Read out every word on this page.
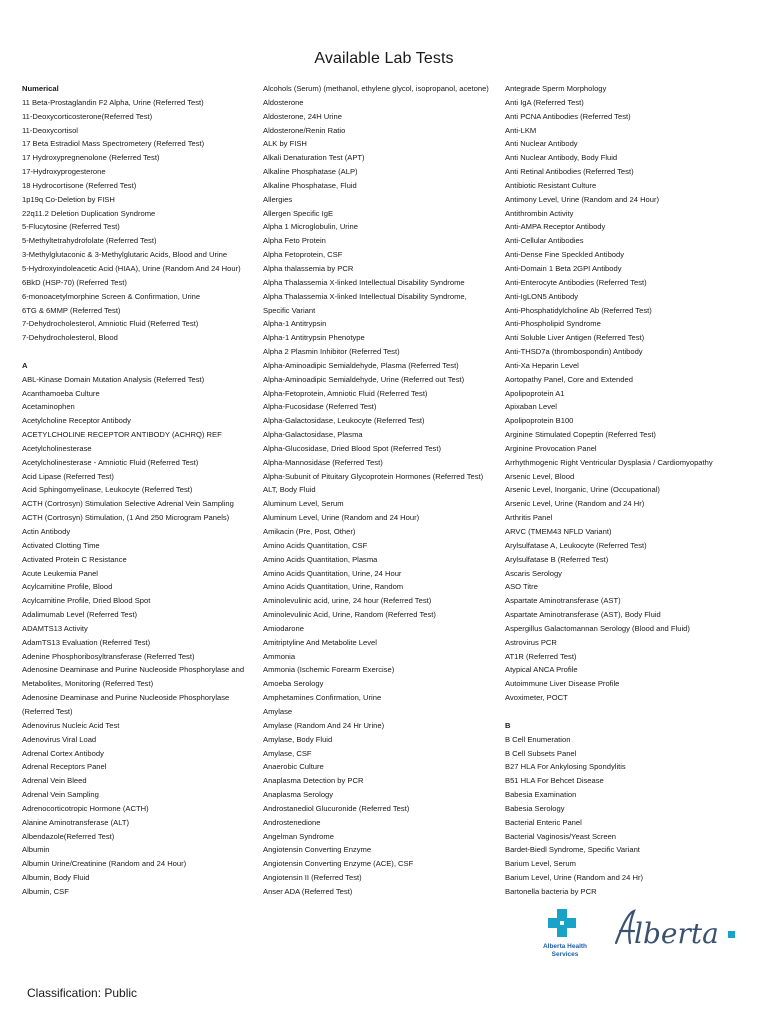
Available Lab Tests
Numerical
11 Beta-Prostaglandin F2 Alpha, Urine (Referred Test)
11-Deoxycorticosterone(Referred Test)
11-Deoxycortisol
17 Beta Estradiol Mass Spectrometery (Referred Test)
17 Hydroxypregnenolone (Referred Test)
17-Hydroxyprogesterone
18 Hydrocortisone (Referred Test)
1p19q Co-Deletion by FISH
22q11.2 Deletion Duplication Syndrome
5-Flucytosine (Referred Test)
5-Methyltetrahydrofolate (Referred Test)
3-Methylglutaconic & 3-Methylglutaric Acids, Blood and Urine
5-Hydroxyindoleacetic Acid (HIAA), Urine (Random And 24 Hour)
6BkD (HSP-70) (Referred Test)
6-monoacetylmorphine Screen & Confirmation, Urine
6TG & 6MMP (Referred Test)
7-Dehydrocholesterol, Amniotic Fluid (Referred Test)
7-Dehydrocholesterol, Blood
A
ABL-Kinase Domain Mutation Analysis (Referred Test)
Acanthamoeba Culture
Acetaminophen
Acetylcholine Receptor Antibody
ACETYLCHOLINE RECEPTOR ANTIBODY (ACHRQ) REF
Acetylcholinesterase
Acetylcholinesterase - Amniotic Fluid (Referred Test)
Acid Lipase (Referred Test)
Acid Sphingomyelinase, Leukocyte (Referred Test)
ACTH (Cortrosyn) Stimulation Selective Adrenal Vein Sampling
ACTH (Cortrosyn) Stimulation, (1 And 250 Microgram Panels)
Actin Antibody
Activated Clotting Time
Activated Protein C Resistance
Acute Leukemia Panel
Acylcarnitine Profile, Blood
Acylcarnitine Profile, Dried Blood Spot
Adalimumab Level (Referred Test)
ADAMTS13 Activity
AdamTS13 Evaluation (Referred Test)
Adenine Phosphoribosyltransferase (Referred Test)
Adenosine Deaminase and Purine Nucleoside Phosphorylase and
Metabolites, Monitoring (Referred Test)
Adenosine Deaminase and Purine Nucleoside Phosphorylase
(Referred Test)
Adenovirus Nucleic Acid Test
Adenovirus Viral Load
Adrenal Cortex Antibody
Adrenal Receptors Panel
Adrenal Vein Bleed
Adrenal Vein Sampling
Adrenocorticotropic Hormone (ACTH)
Alanine Aminotransferase (ALT)
Albendazole(Referred Test)
Albumin
Albumin Urine/Creatinine (Random and 24 Hour)
Albumin, Body Fluid
Albumin, CSF
Alcohols (Serum) (methanol, ethylene glycol, isopropanol, acetone)
Aldosterone
Aldosterone, 24H Urine
Aldosterone/Renin Ratio
ALK by FISH
Alkali Denaturation Test (APT)
Alkaline Phosphatase (ALP)
Alkaline Phosphatase, Fluid
Allergies
Allergen Specific IgE
Alpha 1 Microglobulin, Urine
Alpha Feto Protein
Alpha Fetoprotein, CSF
Alpha thalassemia by PCR
Alpha Thalassemia X-linked Intellectual Disability Syndrome
Alpha Thalassemia X-linked Intellectual Disability Syndrome,
Specific Variant
Alpha-1 Antitrypsin
Alpha-1 Antitrypsin Phenotype
Alpha 2 Plasmin Inhibitor (Referred Test)
Alpha-Aminoadipic Semialdehyde, Plasma (Referred Test)
Alpha-Aminoadipic Semialdehyde, Urine (Referred out Test)
Alpha-Fetoprotein, Amniotic Fluid (Referred Test)
Alpha-Fucosidase (Referred Test)
Alpha-Galactosidase, Leukocyte (Referred Test)
Alpha-Galactosidase, Plasma
Alpha-Glucosidase, Dried Blood Spot (Referred Test)
Alpha-Mannosidase (Referred Test)
Alpha-Subunit of Pituitary Glycoprotein Hormones (Referred Test)
ALT, Body Fluid
Aluminum Level, Serum
Aluminum Level, Urine (Random and 24 Hour)
Amikacin (Pre, Post, Other)
Amino Acids Quantitation, CSF
Amino Acids Quantitation, Plasma
Amino Acids Quantitation, Urine, 24 Hour
Amino Acids Quantitation, Urine, Random
Aminolevulinic acid, urine, 24 hour (Referred Test)
Aminolevulinic Acid, Urine, Random (Referred Test)
Amiodarone
Amitriptyline And Metabolite Level
Ammonia
Ammonia (Ischemic Forearm Exercise)
Amoeba Serology
Amphetamines Confirmation, Urine
Amylase
Amylase (Random And 24 Hr Urine)
Amylase, Body Fluid
Amylase, CSF
Anaerobic Culture
Anaplasma Detection by PCR
Anaplasma Serology
Androstanediol Glucuronide (Referred Test)
Androstenedione
Angelman Syndrome
Angiotensin Converting Enzyme
Angiotensin Converting Enzyme (ACE), CSF
Angiotensin II (Referred Test)
Anser ADA (Referred Test)
Antegrade Sperm Morphology
Anti IgA (Referred Test)
Anti PCNA Antibodies (Referred Test)
Anti-LKM
Anti Nuclear Antibody
Anti Nuclear Antibody, Body Fluid
Anti Retinal Antibodies (Referred Test)
Antibiotic Resistant Culture
Antimony Level, Urine (Random and 24 Hour)
Antithrombin Activity
Anti-AMPA Receptor Antibody
Anti-Cellular Antibodies
Anti-Dense Fine Speckled Antibody
Anti-Domain 1 Beta 2GPI Antibody
Anti-Enterocyte Antibodies (Referred Test)
Anti-IgLON5 Antibody
Anti-Phosphatidylcholine Ab (Referred Test)
Anti-Phospholipid Syndrome
Anti Soluble Liver Antigen (Referred Test)
Anti-THSD7a (thrombospondin) Antibody
Anti-Xa Heparin Level
Aortopathy Panel, Core and Extended
Apolipoprotein A1
Apixaban Level
Apolipoprotein B100
Arginine Stimulated Copeptin (Referred Test)
Arginine Provocation Panel
Arrhythmogenic Right Ventricular Dysplasia / Cardiomyopathy
Arsenic Level, Blood
Arsenic Level, Inorganic, Urine (Occupational)
Arsenic Level, Urine (Random and 24 Hr)
Arthritis Panel
ARVC (TMEM43 NFLD Variant)
Arylsulfatase A, Leukocyte (Referred Test)
Arylsulfatase B (Referred Test)
Ascaris Serology
ASO Titre
Aspartate Aminotransferase (AST)
Aspartate Aminotransferase (AST), Body Fluid
Aspergillus Galactomannan Serology (Blood and Fluid)
Astrovirus PCR
AT1R (Referred Test)
Atypical ANCA Profile
Autoimmune Liver Disease Profile
Avoximeter, POCT
B
B Cell Enumeration
B Cell Subsets Panel
B27 HLA For Ankylosing Spondylitis
B51 HLA For Behcet Disease
Babesia Examination
Babesia Serology
Bacterial Enteric Panel
Bacterial Vaginosis/Yeast Screen
Bardet-Biedl Syndrome, Specific Variant
Barium Level, Serum
Barium Level, Urine (Random and 24 Hr)
Bartonella bacteria by PCR
lberta
Alberta Health Services
Classification: Public
